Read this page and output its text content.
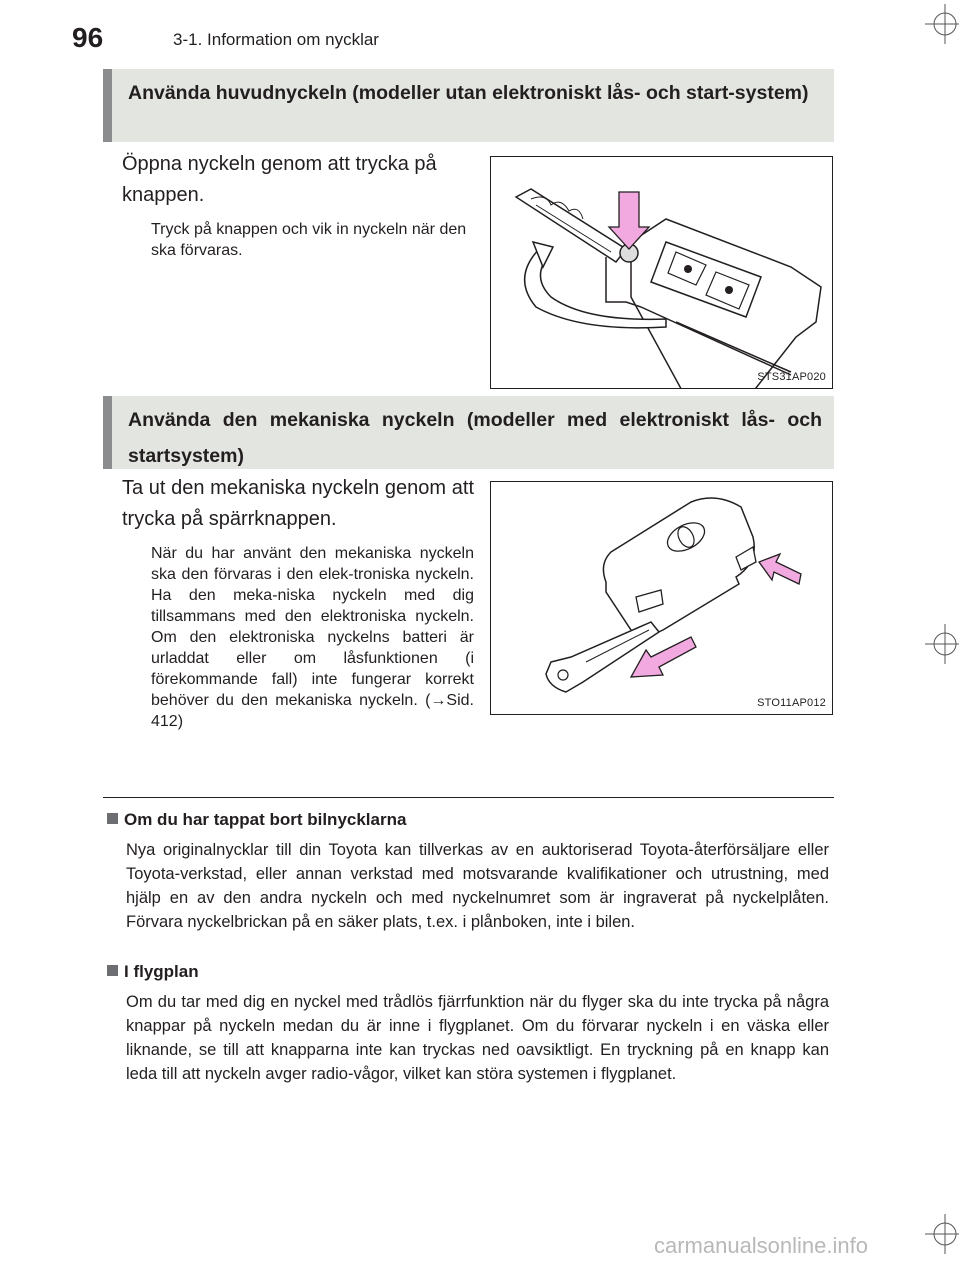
96	3-1. Information om nycklar
Använda huvudnyckeln (modeller utan elektroniskt lås- och start-system)
Öppna nyckeln genom att trycka på knappen.
Tryck på knappen och vik in nyckeln när den ska förvaras.
STS31AP020
Använda den mekaniska nyckeln (modeller med elektroniskt lås- och startsystem)
Ta ut den mekaniska nyckeln genom att trycka på spärrknappen.
När du har använt den mekaniska nyckeln ska den förvaras i den elek-troniska nyckeln. Ha den meka-niska nyckeln med dig tillsammans med den elektroniska nyckeln. Om den elektroniska nyckelns batteri är urladdat eller om låsfunktionen (i förekommande fall) inte fungerar korrekt behöver du den mekaniska nyckeln. (→Sid. 412)
STO11AP012
Om du har tappat bort bilnycklarna
Nya originalnycklar till din Toyota kan tillverkas av en auktoriserad Toyota-återförsäljare eller Toyota-verkstad, eller annan verkstad med motsvarande kvalifikationer och utrustning, med hjälp en av den andra nyckeln och med nyckelnumret som är ingraverat på nyckelplåten. Förvara nyckelbrickan på en säker plats, t.ex. i plånboken, inte i bilen.
I flygplan
Om du tar med dig en nyckel med trådlös fjärrfunktion när du flyger ska du inte trycka på några knappar på nyckeln medan du är inne i flygplanet. Om du förvarar nyckeln i en väska eller liknande, se till att knapparna inte kan tryckas ned oavsiktligt. En tryckning på en knapp kan leda till att nyckeln avger radio-vågor, vilket kan störa systemen i flygplanet.
carmanualsonline.info
